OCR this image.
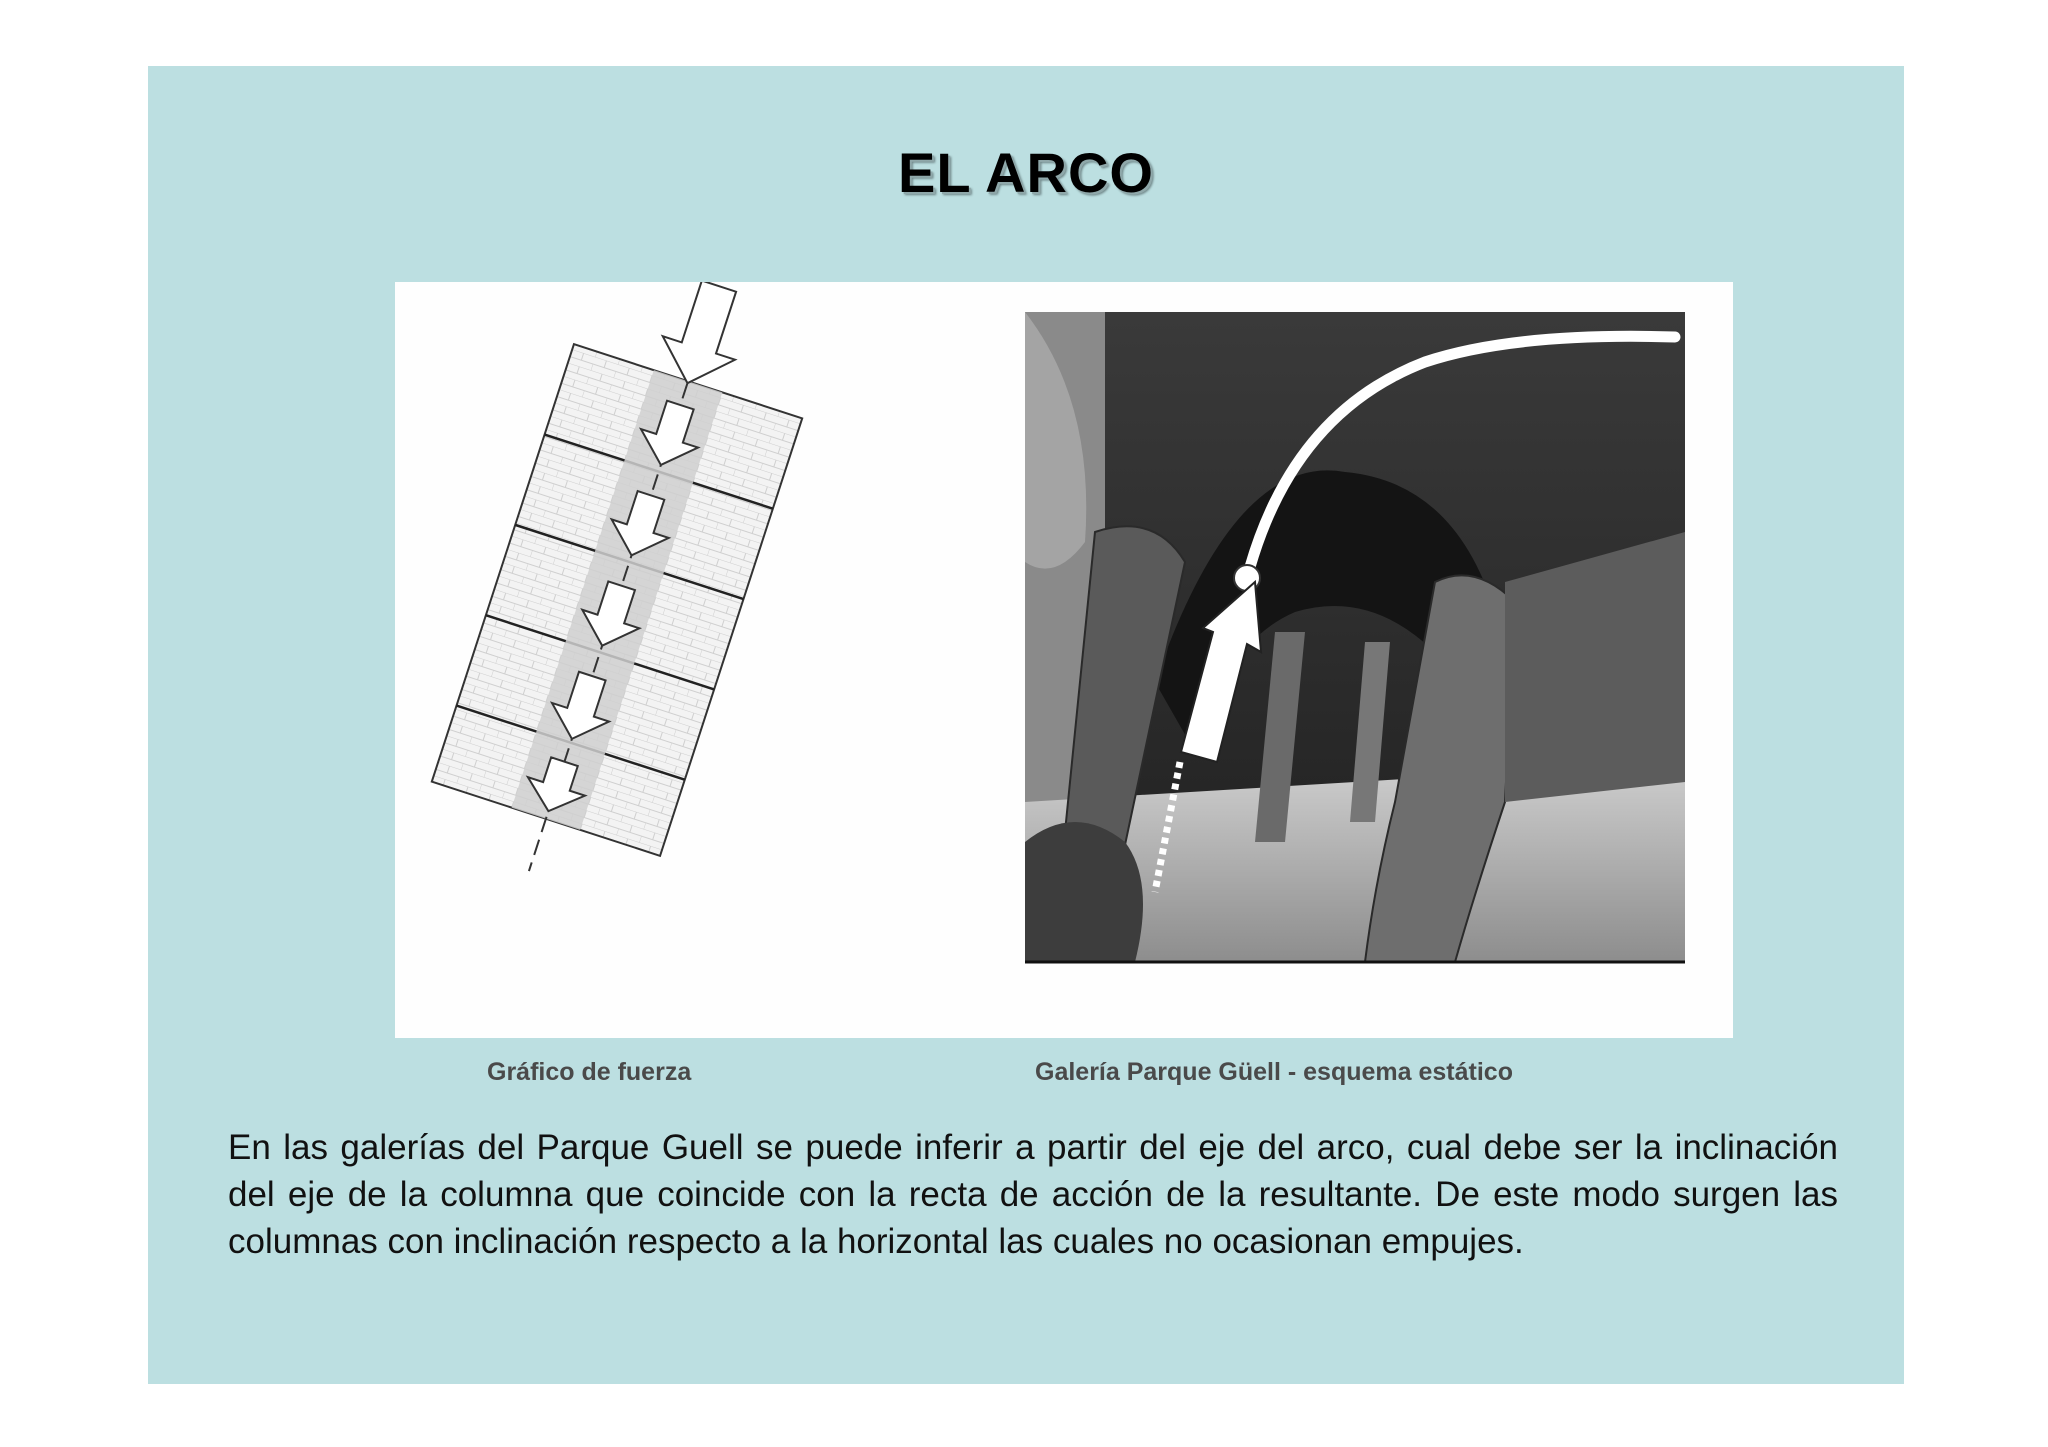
EL ARCO
Gráfico de fuerza	Galería Parque Güell - esquema estático

En las galerías del Parque Guell se puede inferir a partir del eje del arco, cual debe ser la inclinación del eje de la columna que coincide con la recta de acción de la resultante. De este modo surgen las columnas con inclinación respecto a la horizontal las cuales no ocasionan empujes.
